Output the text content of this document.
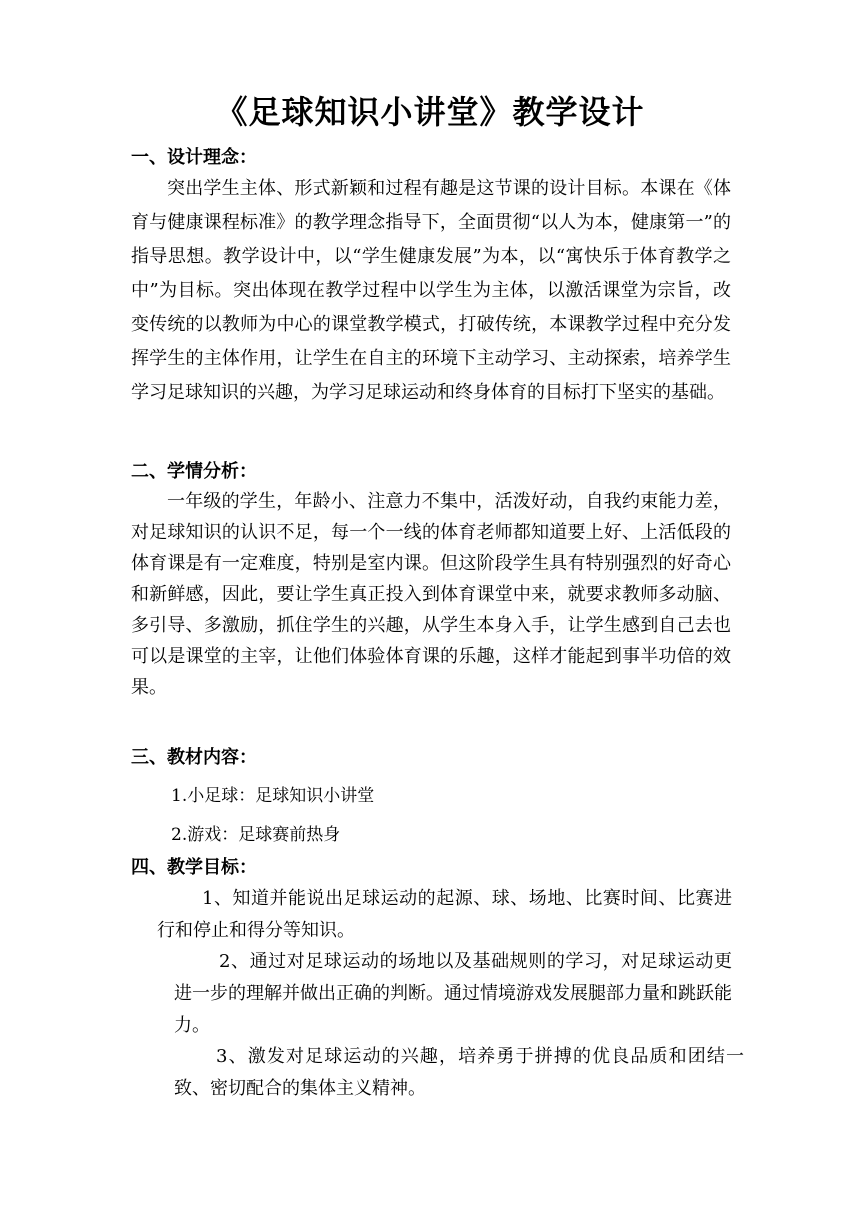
《足球知识小讲堂》教学设计
一、设计理念：

突出学生主体、形式新颖和过程有趣是这节课的设计目标。本课在《体育与健康课程标准》的教学理念指导下，全面贯彻“以人为本，健康第一”的指导思想。教学设计中，以“学生健康发展”为本，以“寓快乐于体育教学之中”为目标。突出体现在教学过程中以学生为主体，以激活课堂为宗旨，改变传统的以教师为中心的课堂教学模式，打破传统，本课教学过程中充分发挥学生的主体作用，让学生在自主的环境下主动学习、主动探索，培养学生学习足球知识的兴趣，为学习足球运动和终身体育的目标打下坚实的基础。

二、学情分析：

一年级的学生，年龄小、注意力不集中，活泼好动，自我约束能力差，对足球知识的认识不足，每一个一线的体育老师都知道要上好、上活低段的体育课是有一定难度，特别是室内课。但这阶段学生具有特别强烈的好奇心和新鲜感，因此，要让学生真正投入到体育课堂中来，就要求教师多动脑、多引导、多激励，抓住学生的兴趣，从学生本身入手，让学生感到自己去也可以是课堂的主宰，让他们体验体育课的乐趣，这样才能起到事半功倍的效果。

三、教材内容：
1.小足球：足球知识小讲堂
2.游戏：足球赛前热身
四、教学目标：

1、知道并能说出足球运动的起源、球、场地、比赛时间、比赛进行和停止和得分等知识。

2、通过对足球运动的场地以及基础规则的学习，对足球运动更进一步的理解并做出正确的判断。通过情境游戏发展腿部力量和跳跃能力。

3、激发对足球运动的兴趣，培养勇于拼搏的优良品质和团结一致、密切配合的集体主义精神。
